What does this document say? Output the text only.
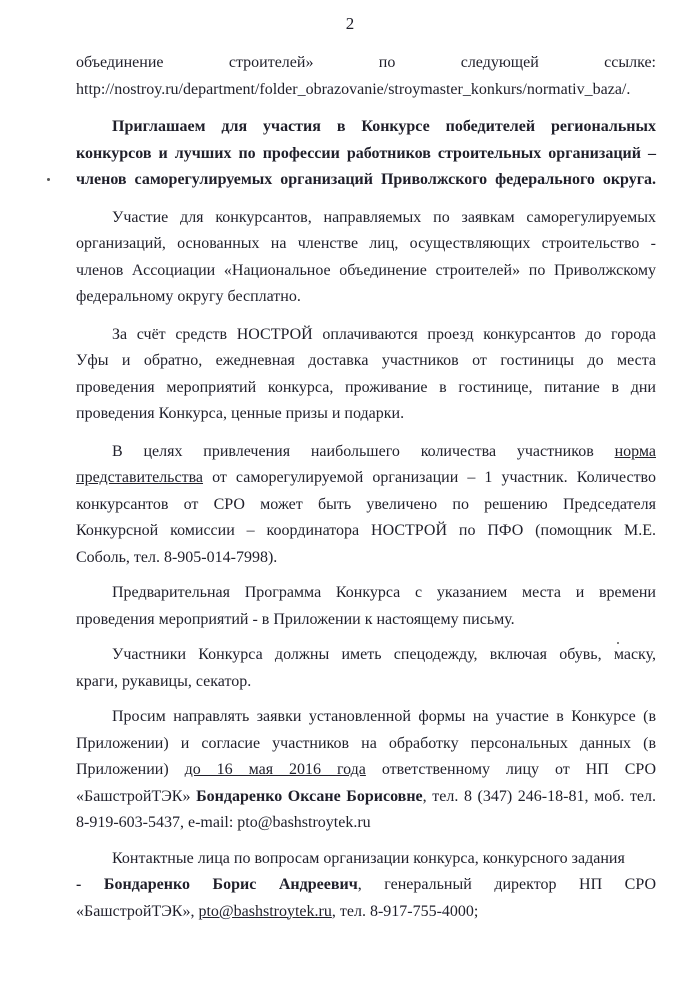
2

объединение строителей» по следующей ссылке:

http://nostroy.ru/department/folder_obrazovanie/stroymaster_konkurs/normativ_baza/.

Приглашаем для участия в Конкурсе победителей региональных

конкурсов и лучших по профессии работников строительных организаций –

членов саморегулируемых организаций Приволжского федерального округа.

Участие для конкурсантов, направляемых по заявкам саморегулируемых

организаций, основанных на членстве лиц, осуществляющих строительство -

членов Ассоциации «Национальное объединение строителей» по Приволжскому

федеральному округу бесплатно.

За счёт средств НОСТРОЙ оплачиваются проезд конкурсантов до города

Уфы и обратно, ежедневная доставка участников от гостиницы до места

проведения мероприятий конкурса, проживание в гостинице, питание в дни

проведения Конкурса, ценные призы и подарки.

В целях привлечения наибольшего количества участников норма

представительства от саморегулируемой организации – 1 участник. Количество

конкурсантов от СРО может быть увеличено по решению Председателя

Конкурсной комиссии – координатора НОСТРОЙ по ПФО (помощник М.Е.

Соболь, тел. 8-905-014-7998).

Предварительная Программа Конкурса с указанием места и времени

проведения мероприятий - в Приложении к настоящему письму.

Участники Конкурса должны иметь спецодежду, включая обувь, маску,

краги, рукавицы, секатор.

Просим направлять заявки установленной формы на участие в Конкурсе (в

Приложении) и согласие участников на обработку персональных данных (в

Приложении) до 16 мая 2016 года ответственному лицу от НП СРО

«БашстройТЭК» Бондаренко Оксане Борисовне, тел. 8 (347) 246-18-81, моб. тел.

8-919-603-5437, e-mail: pto@bashstroytek.ru

Контактные лица по вопросам организации конкурса, конкурсного задания

- Бондаренко Борис Андреевич, генеральный директор НП СРО

«БашстройТЭК», pto@bashstroytek.ru, тел. 8-917-755-4000;
